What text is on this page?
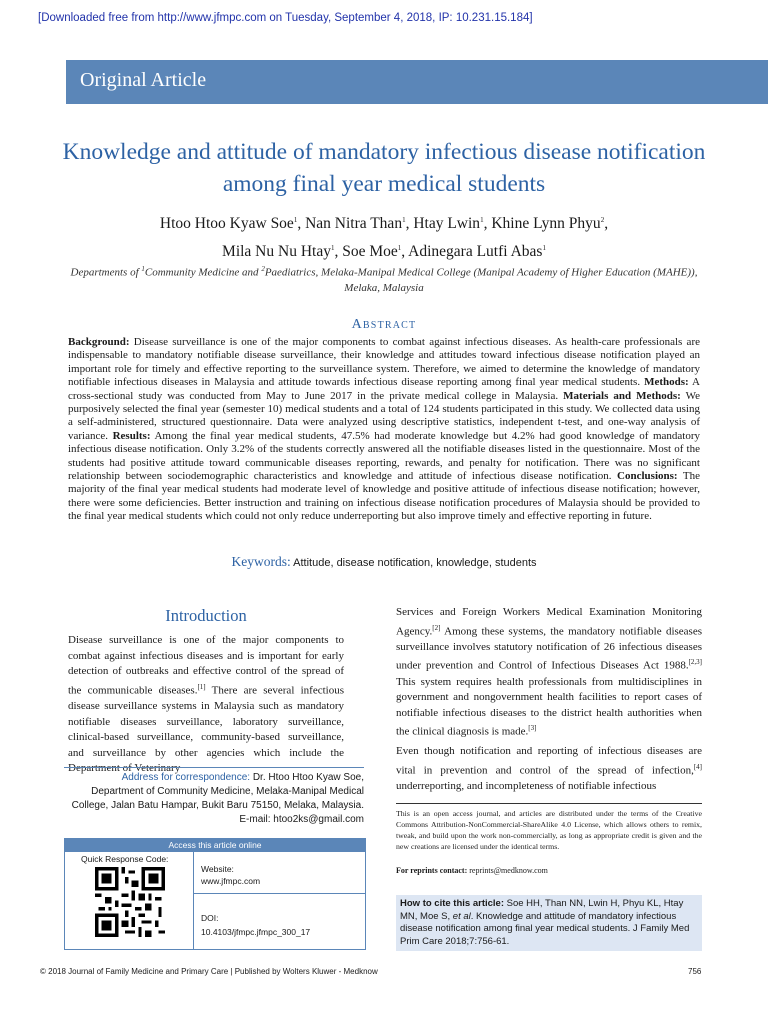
[Downloaded free from http://www.jfmpc.com on Tuesday, September 4, 2018, IP: 10.231.15.184]
Original Article
Knowledge and attitude of mandatory infectious disease notification among final year medical students
Htoo Htoo Kyaw Soe$^1$, Nan Nitra Than$^1$, Htay Lwin$^1$, Khine Lynn Phyu$^2$,
Mila Nu Nu Htay$^1$, Soe Moe$^1$, Adinegara Lutfi Abas$^1$
Departments of $^1$Community Medicine and $^2$Paediatrics, Melaka-Manipal Medical College (Manipal Academy of Higher Education (MAHE)), Melaka, Malaysia
Abstract
Background: Disease surveillance is one of the major components to combat against infectious diseases. As health-care professionals are indispensable to mandatory notifiable disease surveillance, their knowledge and attitudes toward infectious disease notification played an important role for timely and effective reporting to the surveillance system. Therefore, we aimed to determine the knowledge of mandatory notifiable infectious diseases in Malaysia and attitude towards infectious disease reporting among final year medical students. Methods: A cross-sectional study was conducted from May to June 2017 in the private medical college in Malaysia. Materials and Methods: We purposively selected the final year (semester 10) medical students and a total of 124 students participated in this study. We collected data using a self-administered, structured questionnaire. Data were analyzed using descriptive statistics, independent t-test, and one-way analysis of variance. Results: Among the final year medical students, 47.5% had moderate knowledge but 4.2% had good knowledge of mandatory infectious disease notification. Only 3.2% of the students correctly answered all the notifiable diseases listed in the questionnaire. Most of the students had positive attitude toward communicable diseases reporting, rewards, and penalty for notification. There was no significant relationship between sociodemographic characteristics and knowledge and attitude of infectious disease notification. Conclusions: The majority of the final year medical students had moderate level of knowledge and positive attitude of infectious disease notification; however, there were some deficiencies. Better instruction and training on infectious disease notification procedures of Malaysia should be provided to the final year medical students which could not only reduce underreporting but also improve timely and effective reporting in future.
Keywords: Attitude, disease notification, knowledge, students
Introduction
Disease surveillance is one of the major components to combat against infectious diseases and is important for early detection of outbreaks and effective control of the spread of the communicable diseases.[1] There are several infectious disease surveillance systems in Malaysia such as mandatory notifiable diseases surveillance, laboratory surveillance, clinical-based surveillance, community-based surveillance, and surveillance by other agencies which include the Department of Veterinary
Services and Foreign Workers Medical Examination Monitoring Agency.[2] Among these systems, the mandatory notifiable diseases surveillance involves statutory notification of 26 infectious diseases under prevention and Control of Infectious Diseases Act 1988.[2,3] This system requires health professionals from multidisciplines in government and nongovernment health facilities to report cases of notifiable infectious diseases to the district health authorities when the clinical diagnosis is made.[3]
Even though notification and reporting of infectious diseases are vital in prevention and control of the spread of infection,[4] underreporting, and incompleteness of notifiable infectious
Address for correspondence: Dr. Htoo Htoo Kyaw Soe,
Department of Community Medicine, Melaka-Manipal Medical
College, Jalan Batu Hampar, Bukit Baru 75150, Melaka, Malaysia.
E-mail: htoo2ks@gmail.com
Access this article online
Quick Response Code:
Website:
www.jfmpc.com
DOI:
10.4103/jfmpc.jfmpc_300_17
This is an open access journal, and articles are distributed under the terms of the Creative Commons Attribution-NonCommercial-ShareAlike 4.0 License, which allows others to remix, tweak, and build upon the work non-commercially, as long as appropriate credit is given and the new creations are licensed under the identical terms.
For reprints contact: reprints@medknow.com
How to cite this article: Soe HH, Than NN, Lwin H, Phyu KL, Htay MN, Moe S, et al. Knowledge and attitude of mandatory infectious disease notification among final year medical students. J Family Med Prim Care 2018;7:756-61.
© 2018 Journal of Family Medicine and Primary Care | Published by Wolters Kluwer - Medknow	756
